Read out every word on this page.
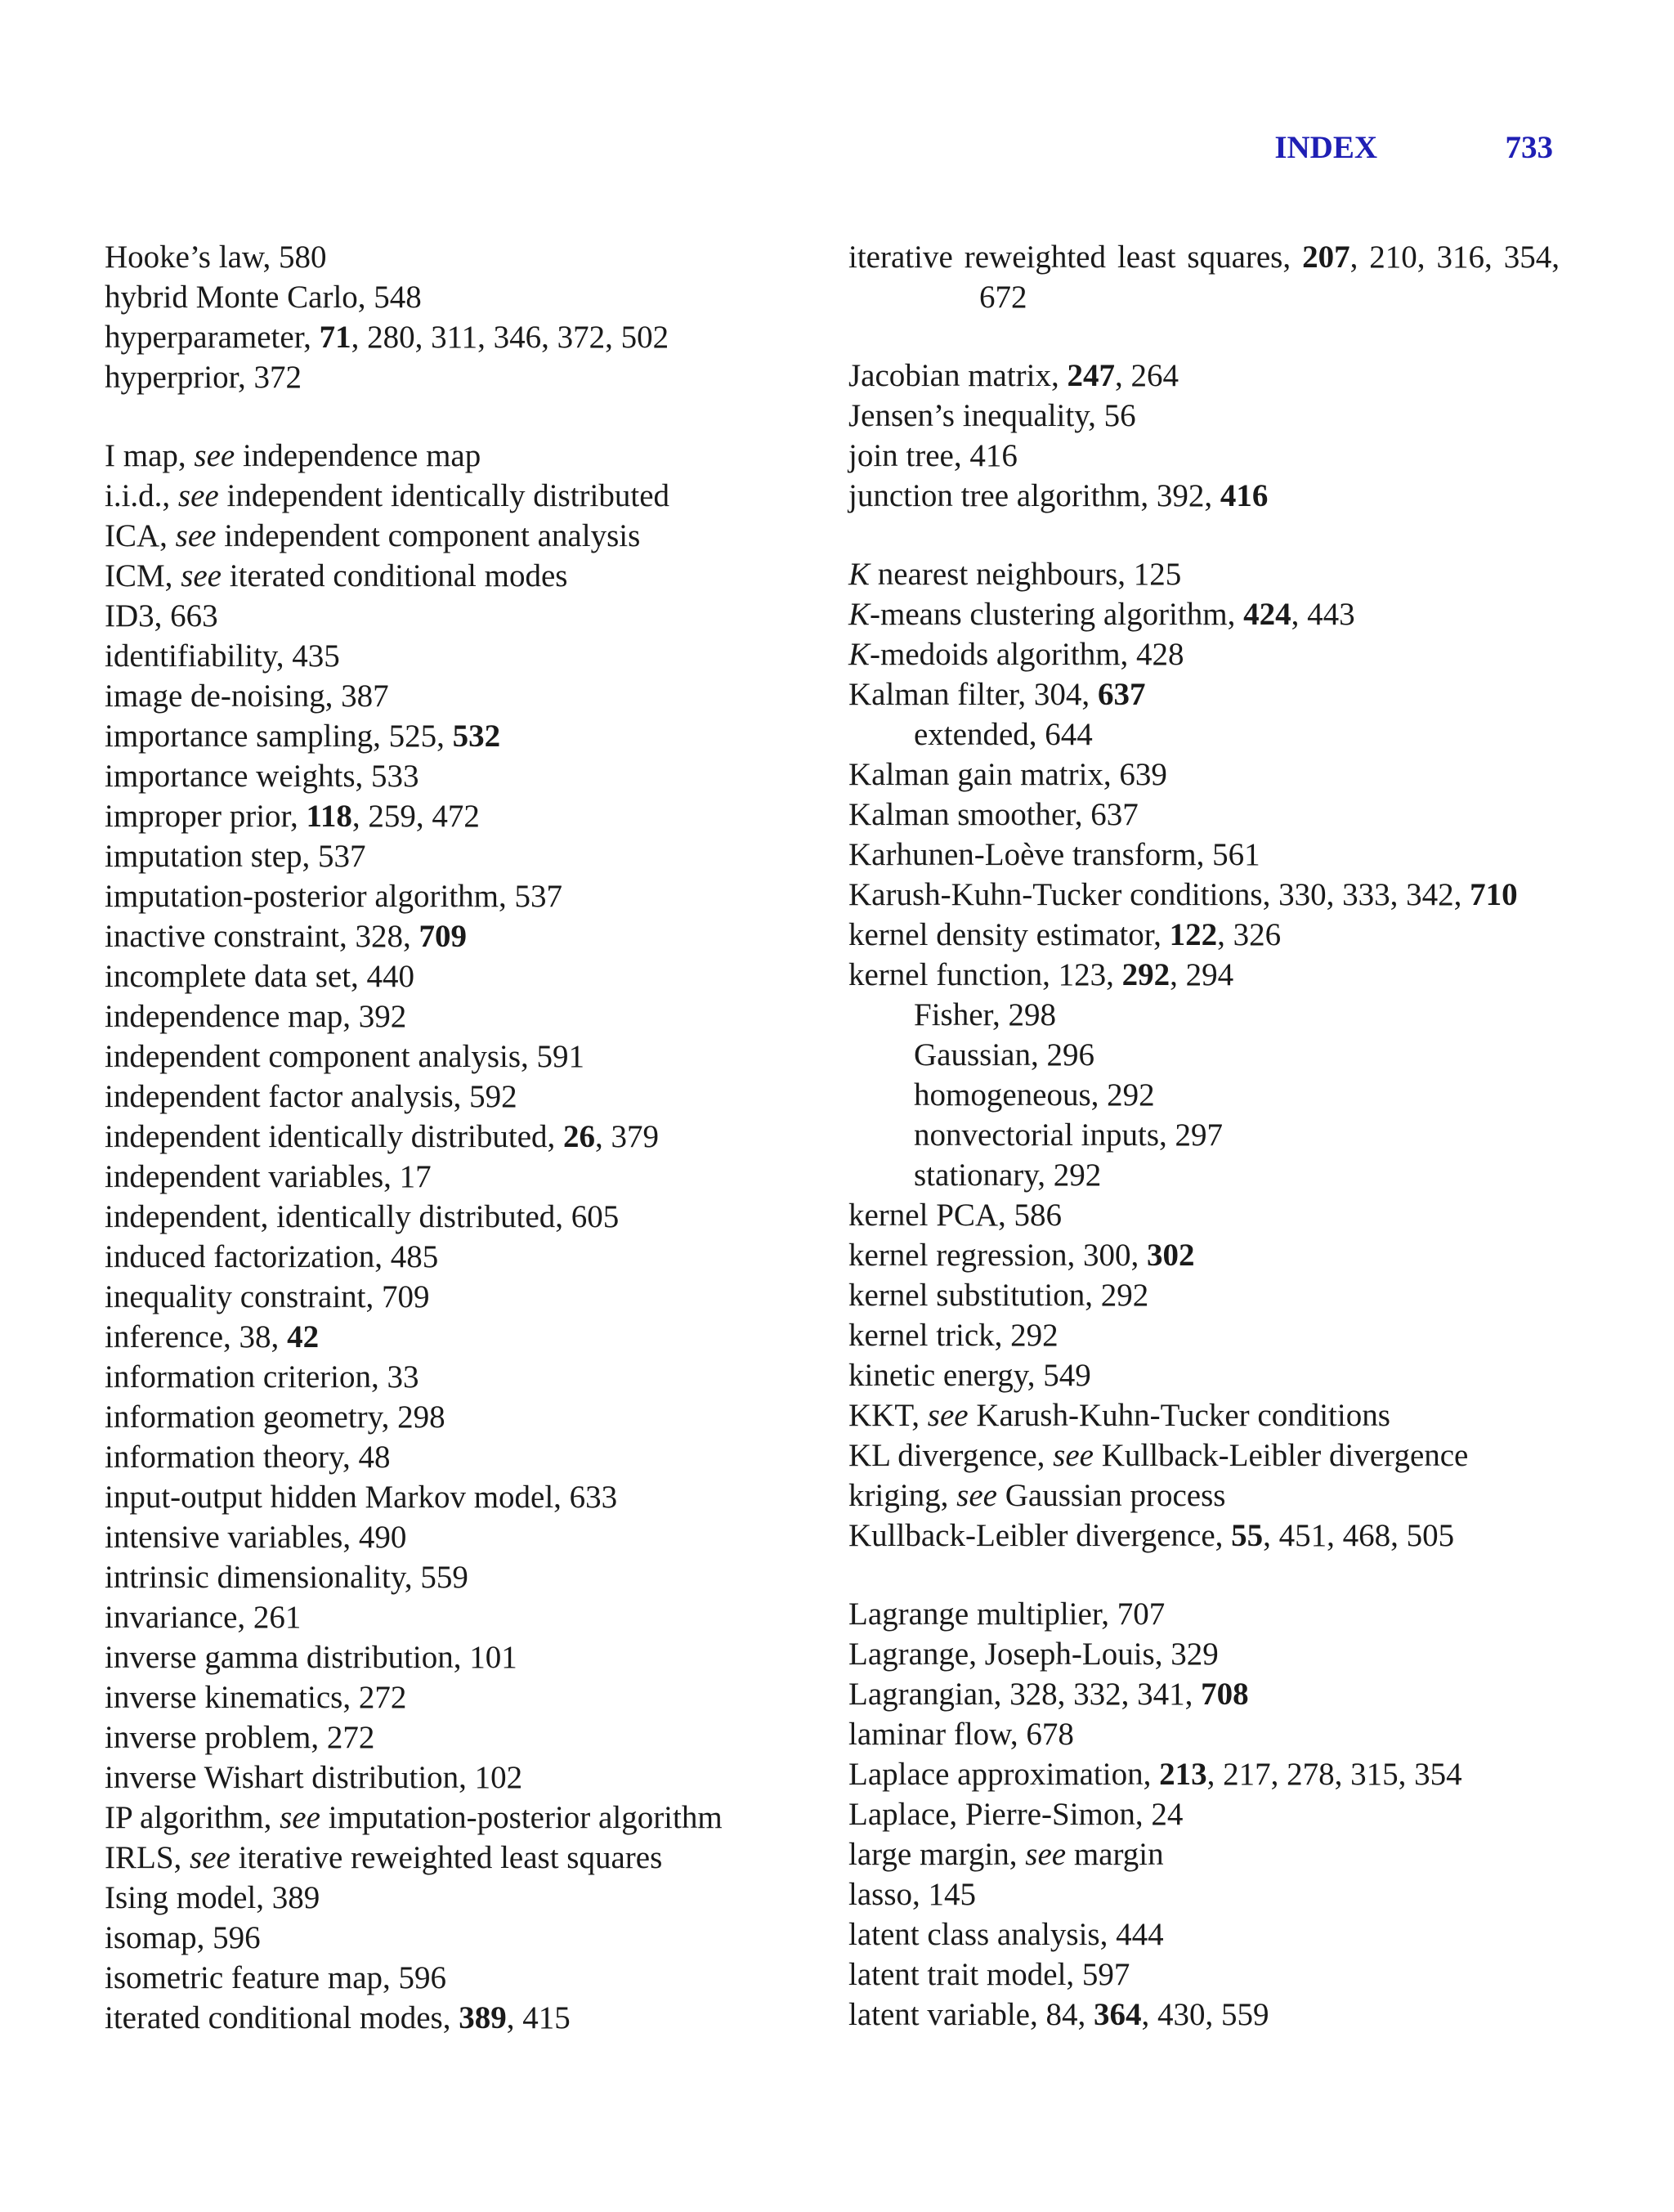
INDEX	733

Hooke’s law, 580

hybrid Monte Carlo, 548

hyperparameter, 71, 280, 311, 346, 372, 502

hyperprior, 372

I map, see independence map

i.i.d., see independent identically distributed

ICA, see independent component analysis

ICM, see iterated conditional modes

ID3, 663

identifiability, 435

image de-noising, 387

importance sampling, 525, 532

importance weights, 533

improper prior, 118, 259, 472

imputation step, 537

imputation-posterior algorithm, 537

inactive constraint, 328, 709

incomplete data set, 440

independence map, 392

independent component analysis, 591

independent factor analysis, 592

independent identically distributed, 26, 379

independent variables, 17

independent, identically distributed, 605

induced factorization, 485

inequality constraint, 709

inference, 38, 42

information criterion, 33

information geometry, 298

information theory, 48

input-output hidden Markov model, 633

intensive variables, 490

intrinsic dimensionality, 559

invariance, 261

inverse gamma distribution, 101

inverse kinematics, 272

inverse problem, 272

inverse Wishart distribution, 102

IP algorithm, see imputation-posterior algorithm

IRLS, see iterative reweighted least squares

Ising model, 389

isomap, 596

isometric feature map, 596

iterated conditional modes, 389, 415

iterative reweighted least squares, 207, 210, 316, 354, 672

Jacobian matrix, 247, 264

Jensen’s inequality, 56

join tree, 416

junction tree algorithm, 392, 416

K nearest neighbours, 125

K-means clustering algorithm, 424, 443

K-medoids algorithm, 428

Kalman filter, 304, 637

extended, 644

Kalman gain matrix, 639

Kalman smoother, 637

Karhunen-Loève transform, 561

Karush-Kuhn-Tucker conditions, 330, 333, 342, 710

kernel density estimator, 122, 326

kernel function, 123, 292, 294

Fisher, 298

Gaussian, 296

homogeneous, 292

nonvectorial inputs, 297

stationary, 292

kernel PCA, 586

kernel regression, 300, 302

kernel substitution, 292

kernel trick, 292

kinetic energy, 549

KKT, see Karush-Kuhn-Tucker conditions

KL divergence, see Kullback-Leibler divergence

kriging, see Gaussian process

Kullback-Leibler divergence, 55, 451, 468, 505

Lagrange multiplier, 707

Lagrange, Joseph-Louis, 329

Lagrangian, 328, 332, 341, 708

laminar flow, 678

Laplace approximation, 213, 217, 278, 315, 354

Laplace, Pierre-Simon, 24

large margin, see margin

lasso, 145

latent class analysis, 444

latent trait model, 597

latent variable, 84, 364, 430, 559
